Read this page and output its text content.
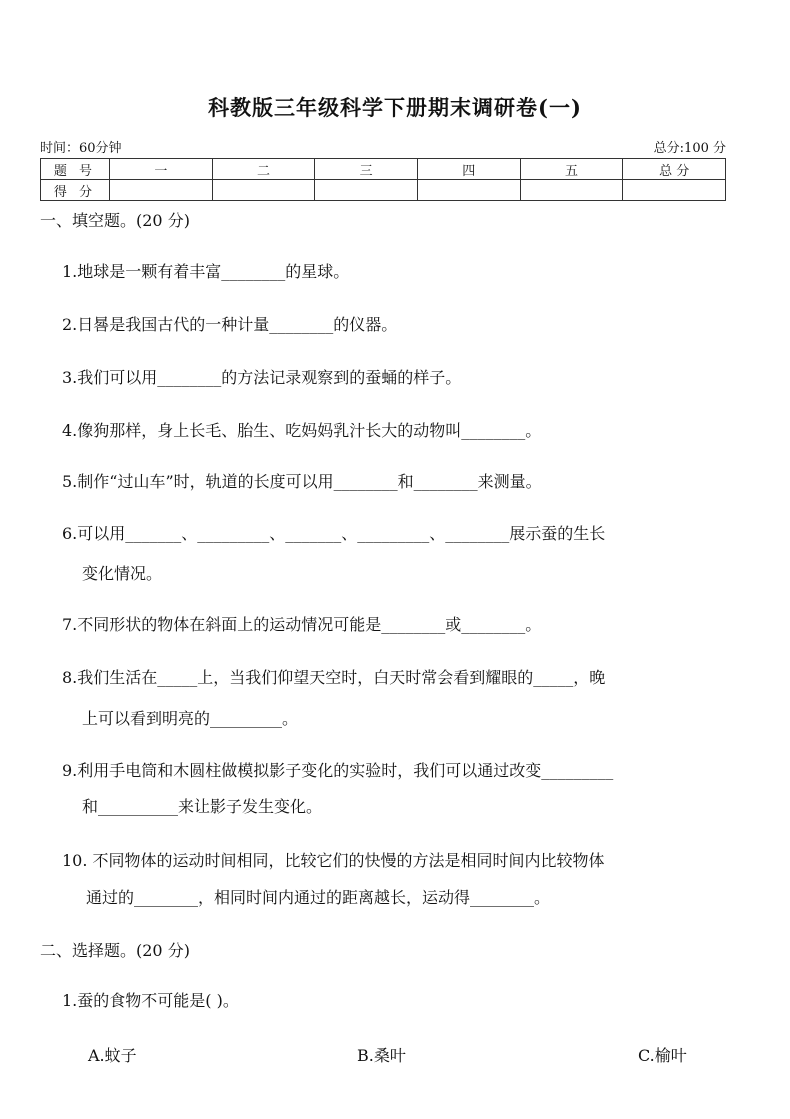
科教版三年级科学下册期末调研卷(一)
时间：60分钟	总分:100 分
题 号	一	二	三	四	五	总 分
得 分						
一、填空题。(20 分)
1.地球是一颗有着丰富________的星球。
2.日晷是我国古代的一种计量________的仪器。
3.我们可以用________的方法记录观察到的蚕蛹的样子。
4.像狗那样，身上长毛、胎生、吃妈妈乳汁长大的动物叫________。
5.制作“过山车”时，轨道的长度可以用________和________来测量。
6.可以用_______、_________、_______、_________、________展示蚕的生长
变化情况。
7.不同形状的物体在斜面上的运动情况可能是________或________。
8.我们生活在_____上，当我们仰望天空时，白天时常会看到耀眼的_____，晚
上可以看到明亮的_________。
9.利用手电筒和木圆柱做模拟影子变化的实验时，我们可以通过改变_________
和__________来让影子发生变化。
10. 不同物体的运动时间相同，比较它们的快慢的方法是相同时间内比较物体
通过的________，相同时间内通过的距离越长，运动得________。
二、选择题。(20 分)
1.蚕的食物不可能是( )。
A.蚊子	B.桑叶	C.榆叶
